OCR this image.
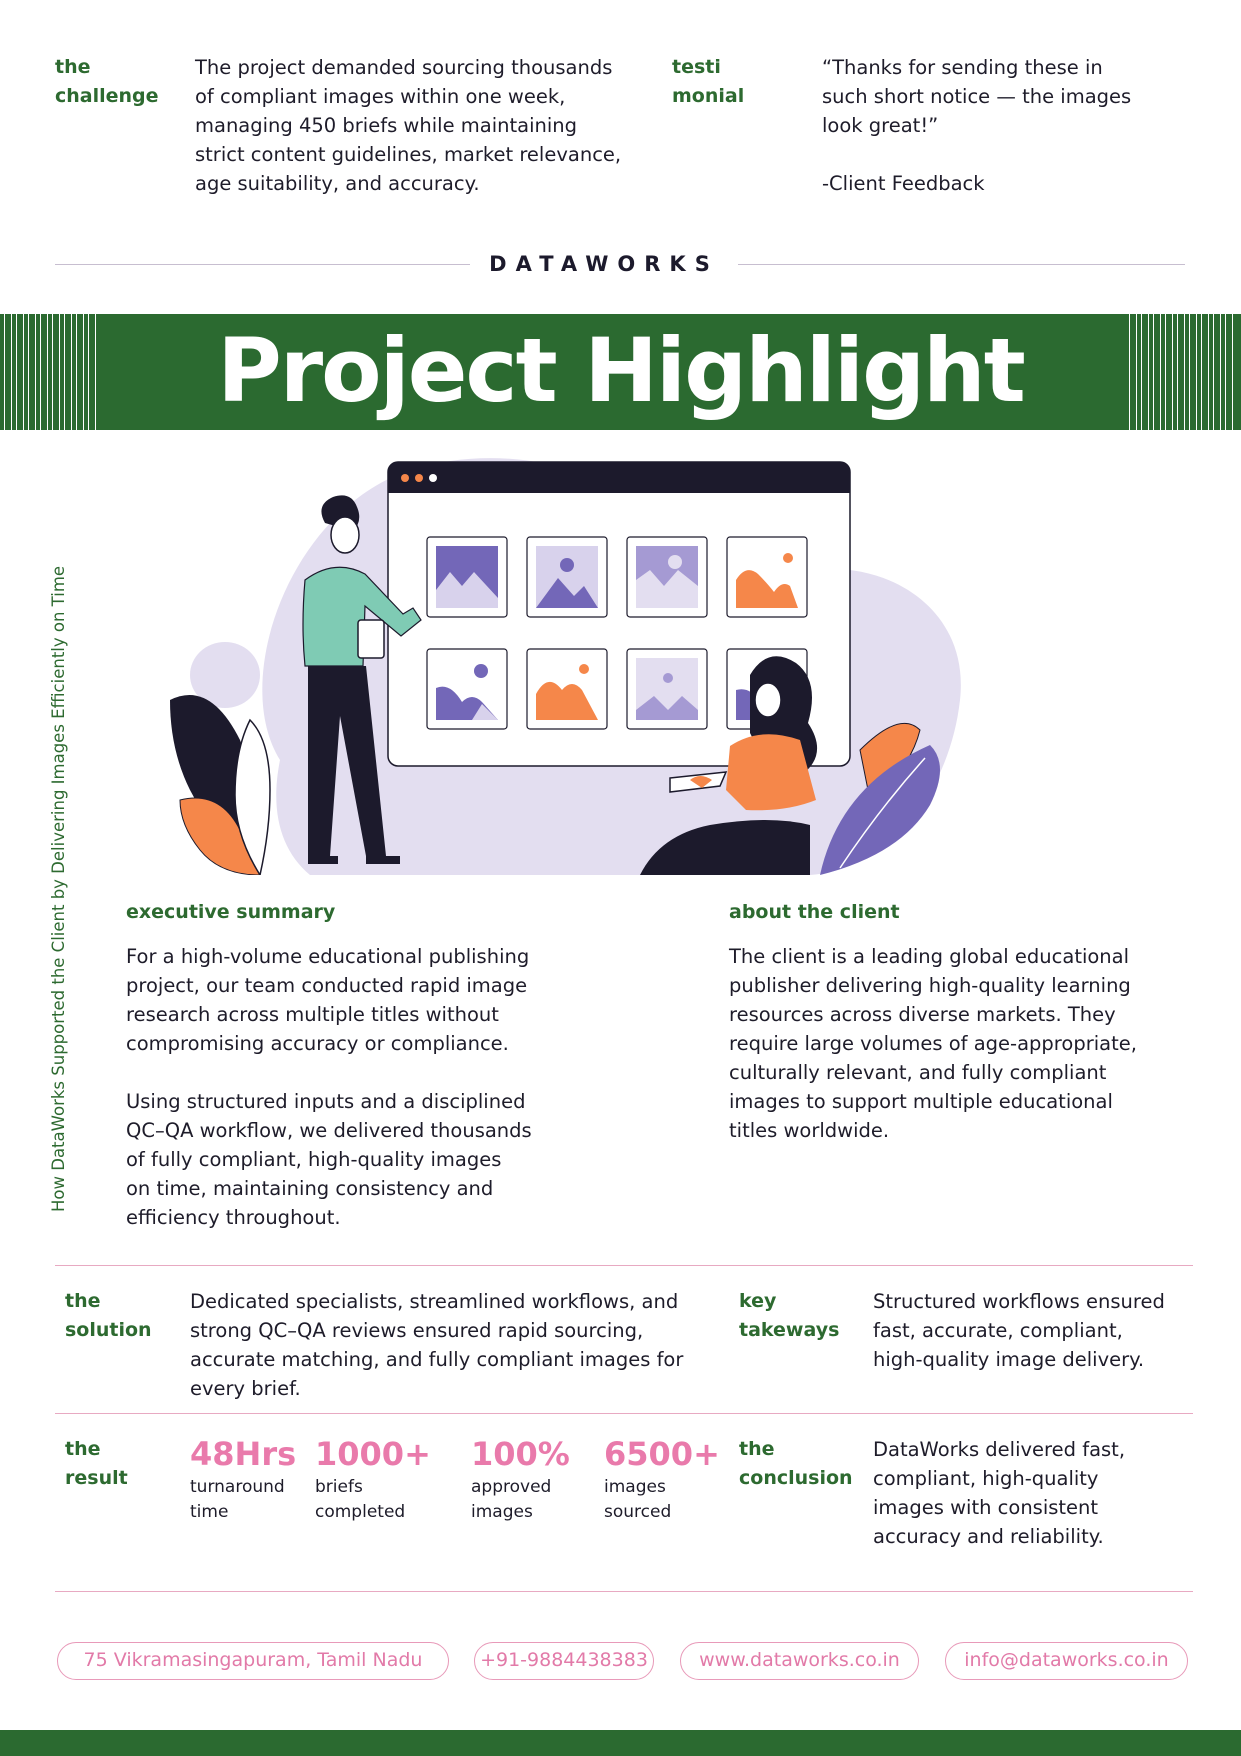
the
challenge

The project demanded sourcing thousands
of compliant images within one week,
managing 450 briefs while maintaining
strict content guidelines, market relevance,
age suitability, and accuracy.

testi
monial

“Thanks for sending these in
such short notice — the images
look great!”

-Client Feedback

DATAWORKS
Project Highlight
How DataWorks Supported the Client by Delivering Images Efficiently on Time	executive summary

For a high-volume educational publishing
project, our team conducted rapid image
research across multiple titles without
compromising accuracy or compliance.

Using structured inputs and a disciplined
QC–QA workflow, we delivered thousands
of fully compliant, high-quality images
on time, maintaining consistency and
efficiency throughout.

about the client

The client is a leading global educational
publisher delivering high-quality learning
resources across diverse markets. They
require large volumes of age-appropriate,
culturally relevant, and fully compliant
images to support multiple educational
titles worldwide.

the
solution

Dedicated specialists, streamlined workflows, and
strong QC–QA reviews ensured rapid sourcing,
accurate matching, and fully compliant images for
every brief.

key
takeways

Structured workflows ensured
fast, accurate, compliant,
high-quality image delivery.

the
result
48Hrs
turnaround
time
1000+
briefs
completed
100%
approved
images
6500+
images
sourced
the
conclusion

DataWorks delivered fast,
compliant, high-quality
images with consistent
accuracy and reliability.

75 Vikramasingapuram, Tamil Nadu	+91-9884438383	www.dataworks.co.in	info@dataworks.co.in
